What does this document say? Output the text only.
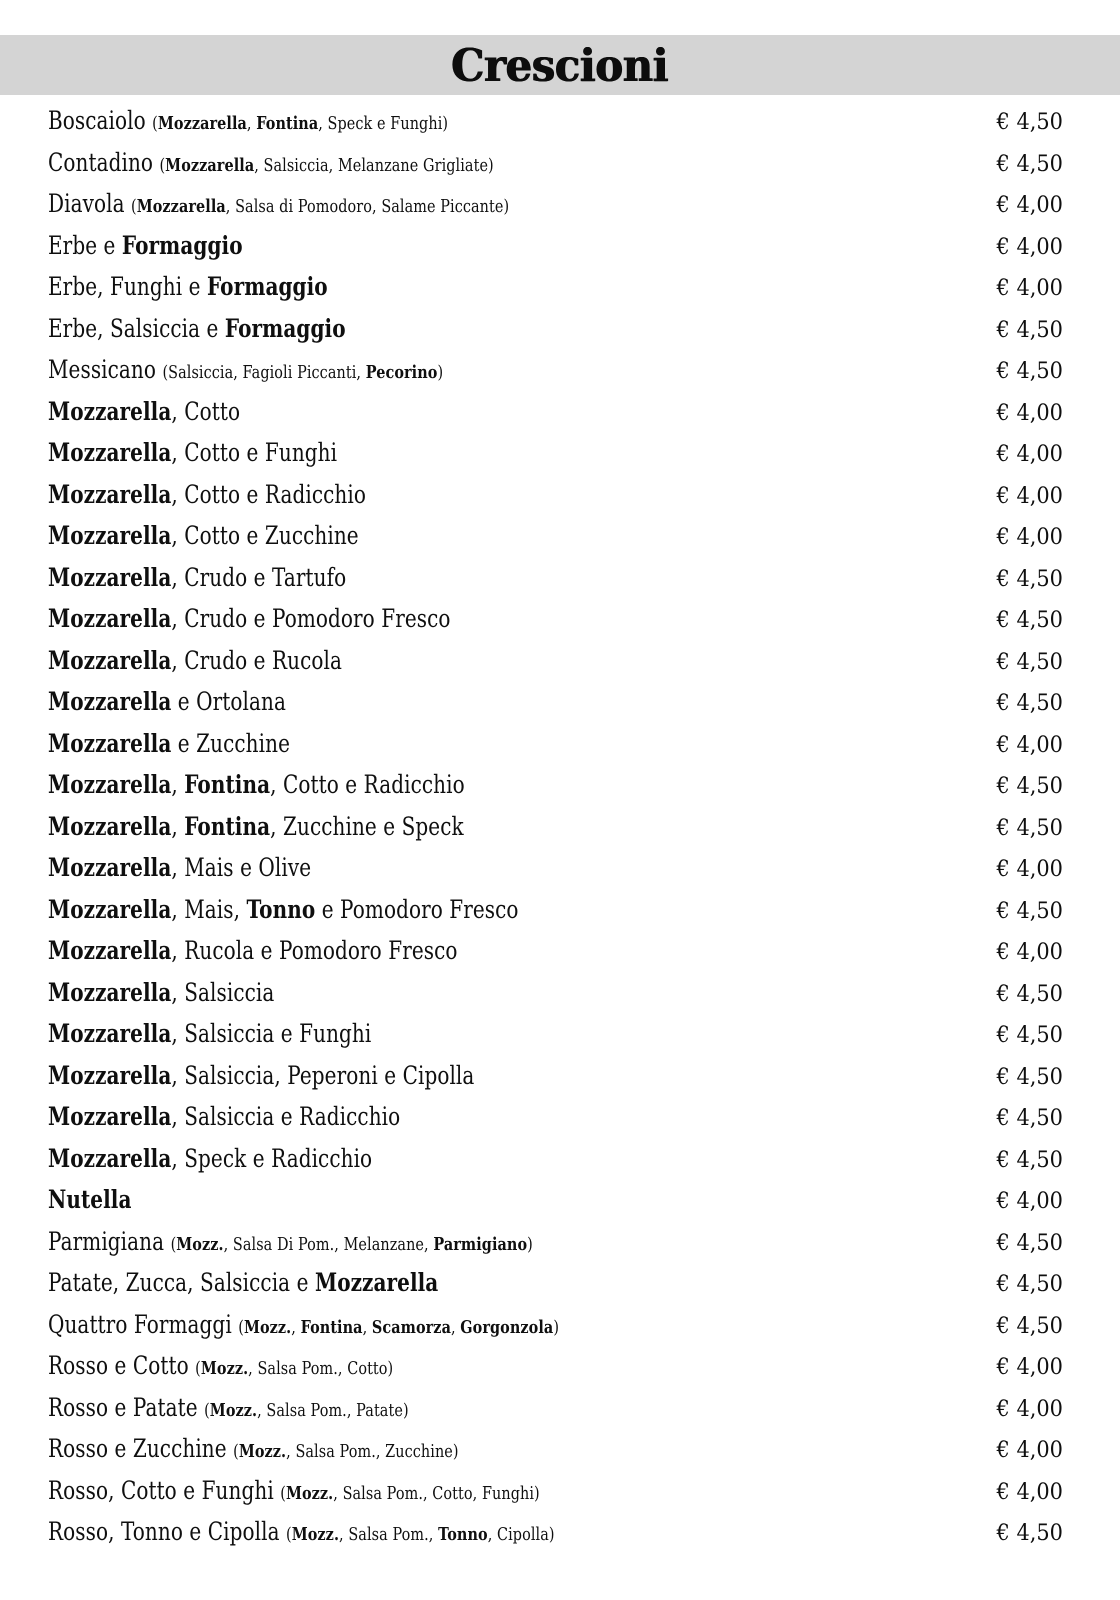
Crescioni
Boscaiolo (Mozzarella, Fontina, Speck e Funghi)	€ 4,50
Contadino (Mozzarella, Salsiccia, Melanzane Grigliate)	€ 4,50
Diavola (Mozzarella, Salsa di Pomodoro, Salame Piccante)	€ 4,00
Erbe e Formaggio	€ 4,00
Erbe, Funghi e Formaggio	€ 4,00
Erbe, Salsiccia e Formaggio	€ 4,50
Messicano (Salsiccia, Fagioli Piccanti, Pecorino)	€ 4,50
Mozzarella, Cotto	€ 4,00
Mozzarella, Cotto e Funghi	€ 4,00
Mozzarella, Cotto e Radicchio	€ 4,00
Mozzarella, Cotto e Zucchine	€ 4,00
Mozzarella, Crudo e Tartufo	€ 4,50
Mozzarella, Crudo e Pomodoro Fresco	€ 4,50
Mozzarella, Crudo e Rucola	€ 4,50
Mozzarella e Ortolana	€ 4,50
Mozzarella e Zucchine	€ 4,00
Mozzarella, Fontina, Cotto e Radicchio	€ 4,50
Mozzarella, Fontina, Zucchine e Speck	€ 4,50
Mozzarella, Mais e Olive	€ 4,00
Mozzarella, Mais, Tonno e Pomodoro Fresco	€ 4,50
Mozzarella, Rucola e Pomodoro Fresco	€ 4,00
Mozzarella, Salsiccia	€ 4,50
Mozzarella, Salsiccia e Funghi	€ 4,50
Mozzarella, Salsiccia, Peperoni e Cipolla	€ 4,50
Mozzarella, Salsiccia e Radicchio	€ 4,50
Mozzarella, Speck e Radicchio	€ 4,50
Nutella	€ 4,00
Parmigiana (Mozz., Salsa Di Pom., Melanzane, Parmigiano)	€ 4,50
Patate, Zucca, Salsiccia e Mozzarella	€ 4,50
Quattro Formaggi (Mozz., Fontina, Scamorza, Gorgonzola)	€ 4,50
Rosso e Cotto (Mozz., Salsa Pom., Cotto)	€ 4,00
Rosso e Patate (Mozz., Salsa Pom., Patate)	€ 4,00
Rosso e Zucchine (Mozz., Salsa Pom., Zucchine)	€ 4,00
Rosso, Cotto e Funghi (Mozz., Salsa Pom., Cotto, Funghi)	€ 4,00
Rosso, Tonno e Cipolla (Mozz., Salsa Pom., Tonno, Cipolla)	€ 4,50
